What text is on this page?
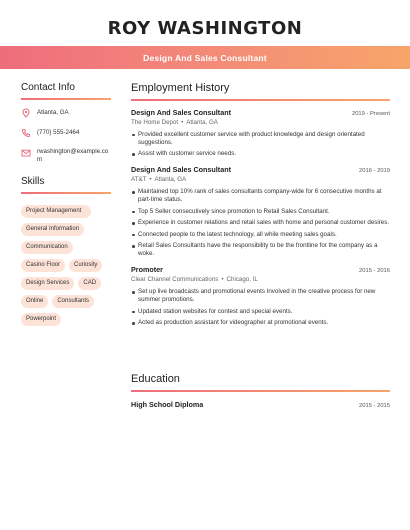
ROY WASHINGTON
Design And Sales Consultant
Contact Info
Atlanta, GA
(770) 555-2464
rwashington@example.com
Skills
Project Management
General Information
Communication
Casino Floor	Curiosity
Design Services	CAD
Online	Consultants
Powerpoint
Employment History
Design And Sales Consultant	2019 - Present
The Home Depot • Atlanta, GA
Provided excellent customer service with product knowledge and design orientated suggestions.
Assist with customer service needs.
Design And Sales Consultant	2016 - 2019
AT&T • Atlanta, GA
Maintained top 10% rank of sales consultants company-wide for 6 consecutive months at part-time status.
Top 5 Seller consecutively since promotion to Retail Sales Consultant.
Experience in customer relations and retail sales with home and personal customer desires.
Connected people to the latest technology, all while meeting sales goals.
Retail Sales Consultants have the responsibility to be the frontline for the company as a woke.
Promoter	2015 - 2016
Clear Channel Communications • Chicago, IL
Set up live broadcasts and promotional events Involved in the creative process for new summer promotions.
Updated station websites for contest and special events.
Acted as production assistant for videographer at promotional events.
Education
High School Diploma	2015 - 2015
